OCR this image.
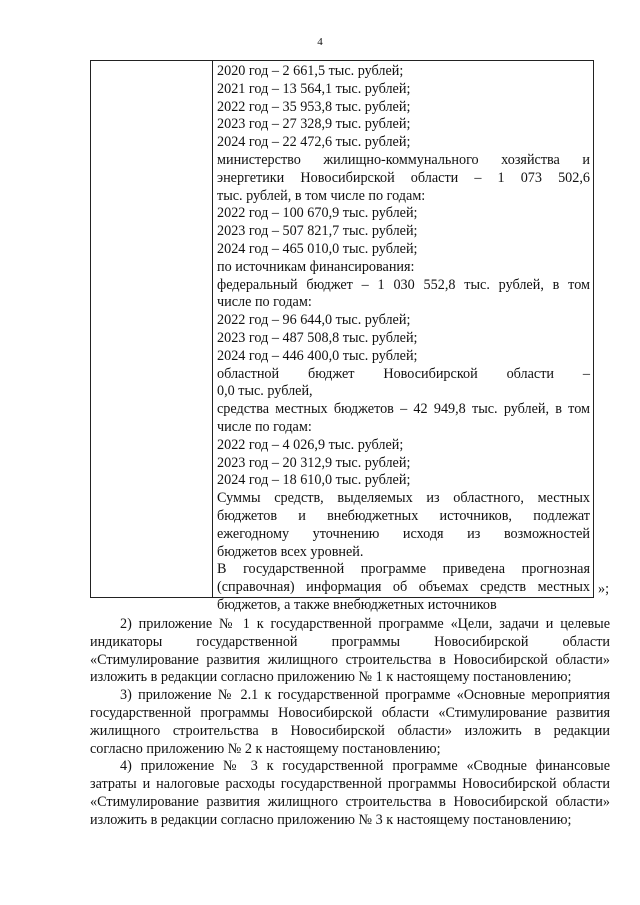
4
2020 год – 2 661,5 тыс. рублей;
2021 год – 13 564,1 тыс. рублей;
2022 год – 35 953,8 тыс. рублей;
2023 год – 27 328,9 тыс. рублей;
2024 год – 22 472,6 тыс. рублей;
министерство жилищно-коммунального хозяйства и
энергетики Новосибирской области – 1 073 502,6
тыс. рублей, в том числе по годам:
2022 год – 100 670,9 тыс. рублей;
2023 год – 507 821,7 тыс. рублей;
2024 год – 465 010,0 тыс. рублей;
по источникам финансирования:
федеральный бюджет – 1 030 552,8 тыс. рублей, в том
числе по годам:
2022 год – 96 644,0 тыс. рублей;
2023 год – 487 508,8 тыс. рублей;
2024 год – 446 400,0 тыс. рублей;
областной бюджет Новосибирской области –
0,0 тыс. рублей,
средства местных бюджетов – 42 949,8 тыс. рублей, в том
числе по годам:
2022 год – 4 026,9 тыс. рублей;
2023 год – 20 312,9 тыс. рублей;
2024 год – 18 610,0 тыс. рублей;
Суммы средств, выделяемых из областного, местных
бюджетов и внебюджетных источников, подлежат
ежегодному уточнению исходя из возможностей
бюджетов всех уровней.
В государственной программе приведена прогнозная
(справочная) информация об объемах средств местных
бюджетов, а также внебюджетных источников
»;
2) приложение № 1 к государственной программе «Цели, задачи и целевые
индикаторы государственной программы Новосибирской области
«Стимулирование развития жилищного строительства в Новосибирской области»
изложить в редакции согласно приложению № 1 к настоящему постановлению;
3) приложение № 2.1 к государственной программе «Основные мероприятия
государственной программы Новосибирской области «Стимулирование развития
жилищного строительства в Новосибирской области» изложить в редакции
согласно приложению № 2 к настоящему постановлению;
4) приложение № 3 к государственной программе «Сводные финансовые
затраты и налоговые расходы государственной программы Новосибирской области
«Стимулирование развития жилищного строительства в Новосибирской области»
изложить в редакции согласно приложению № 3 к настоящему постановлению;
